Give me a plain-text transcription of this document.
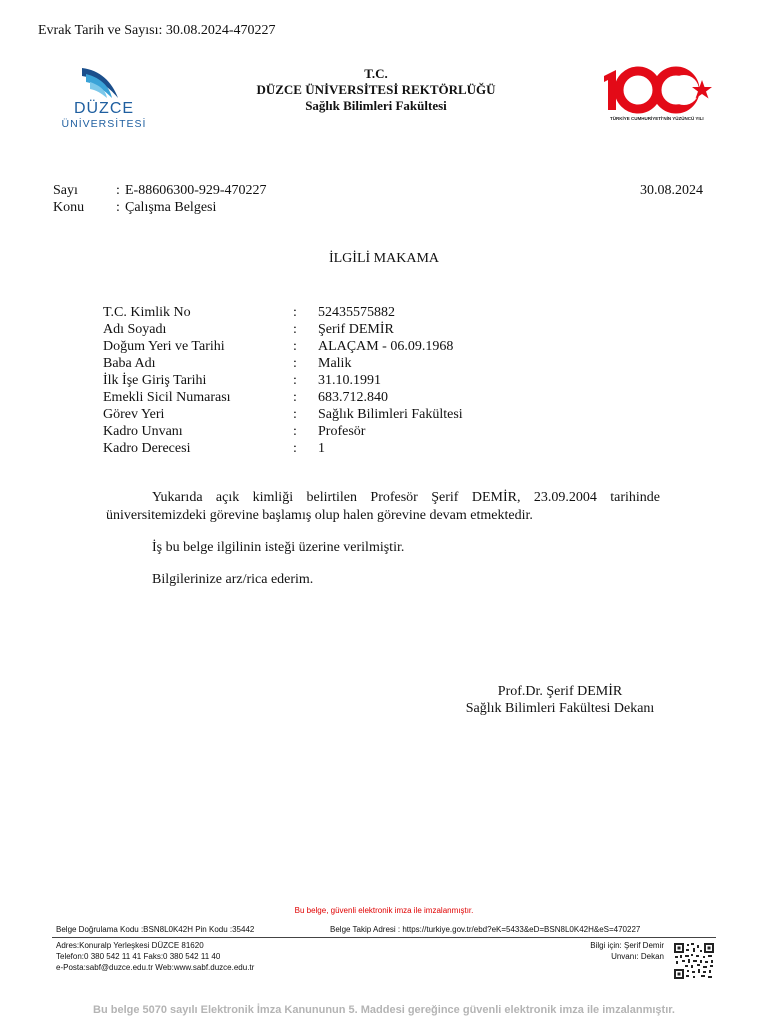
Evrak Tarih ve Sayısı: 30.08.2024-470227
DÜZCE
ÜNİVERSİTESİ
T.C.
DÜZCE ÜNİVERSİTESİ REKTÖRLÜĞÜ
Sağlık Bilimleri Fakültesi
TÜRKİYE CUMHURİYETİ'NİN YÜZÜNCÜ YILI
Sayı	: E-88606300-929-470227	30.08.2024
Konu : Çalışma Belgesi
İLGİLİ MAKAMA
T.C. Kimlik No	: 52435575882
Adı Soyadı	: Şerif DEMİR
Doğum Yeri ve Tarihi	: ALAÇAM - 06.09.1968
Baba Adı	: Malik
İlk İşe Giriş Tarihi	: 31.10.1991
Emekli Sicil Numarası	: 683.712.840
Görev Yeri	: Sağlık Bilimleri Fakültesi
Kadro Unvanı	: Profesör
Kadro Derecesi	: 1

Yukarıda açık kimliği belirtilen Profesör Şerif DEMİR, 23.09.2004 tarihinde üniversitemizdeki görevine başlamış olup halen görevine devam etmektedir.

İş bu belge ilgilinin isteği üzerine verilmiştir.

Bilgilerinize arz/rica ederim.

Prof.Dr. Şerif DEMİR
Sağlık Bilimleri Fakültesi Dekanı
Bu belge, güvenli elektronik imza ile imzalanmıştır.
Belge Doğrulama Kodu :BSN8L0K42H Pin Kodu :35442	Belge Takip Adresi : https://turkiye.gov.tr/ebd?eK=5433&eD=BSN8L0K42H&eS=470227
Adres:Konuralp Yerleşkesi DÜZCE 81620
Telefon:0 380 542 11 41 Faks:0 380 542 11 40
e-Posta:sabf@duzce.edu.tr Web:www.sabf.duzce.edu.tr
Bilgi için: Şerif Demir
Unvanı: Dekan
Bu belge 5070 sayılı Elektronik İmza Kanununun 5. Maddesi gereğince güvenli elektronik imza ile imzalanmıştır.
